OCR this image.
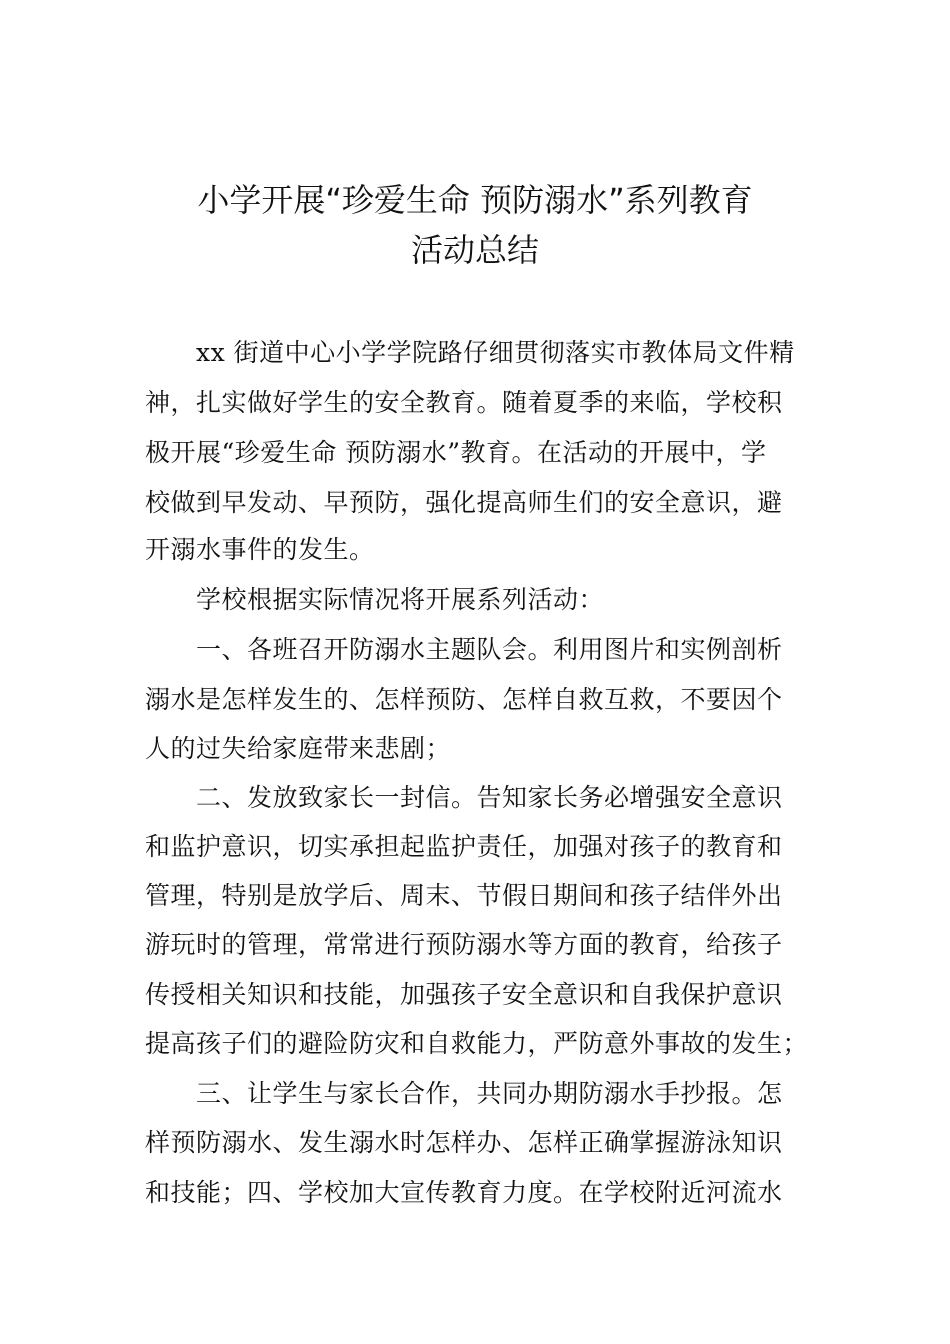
小学开展“珍爱生命 预防溺水”系列教育
活动总结
　　xx 街道中心小学学院路仔细贯彻落实市教体局文件精
神，扎实做好学生的安全教育。随着夏季的来临，学校积
极开展“珍爱生命 预防溺水”教育。在活动的开展中，学
校做到早发动、早预防，强化提高师生们的安全意识，避
开溺水事件的发生。
　　学校根据实际情况将开展系列活动：
　　一、各班召开防溺水主题队会。利用图片和实例剖析
溺水是怎样发生的、怎样预防、怎样自救互救，不要因个
人的过失给家庭带来悲剧；
　　二、发放致家长一封信。告知家长务必增强安全意识
和监护意识，切实承担起监护责任，加强对孩子的教育和
管理，特别是放学后、周末、节假日期间和孩子结伴外出
游玩时的管理，常常进行预防溺水等方面的教育，给孩子
传授相关知识和技能，加强孩子安全意识和自我保护意识
提高孩子们的避险防灾和自救能力，严防意外事故的发生；
　　三、让学生与家长合作，共同办期防溺水手抄报。怎
样预防溺水、发生溺水时怎样办、怎样正确掌握游泳知识
和技能；四、学校加大宣传教育力度。在学校附近河流水
